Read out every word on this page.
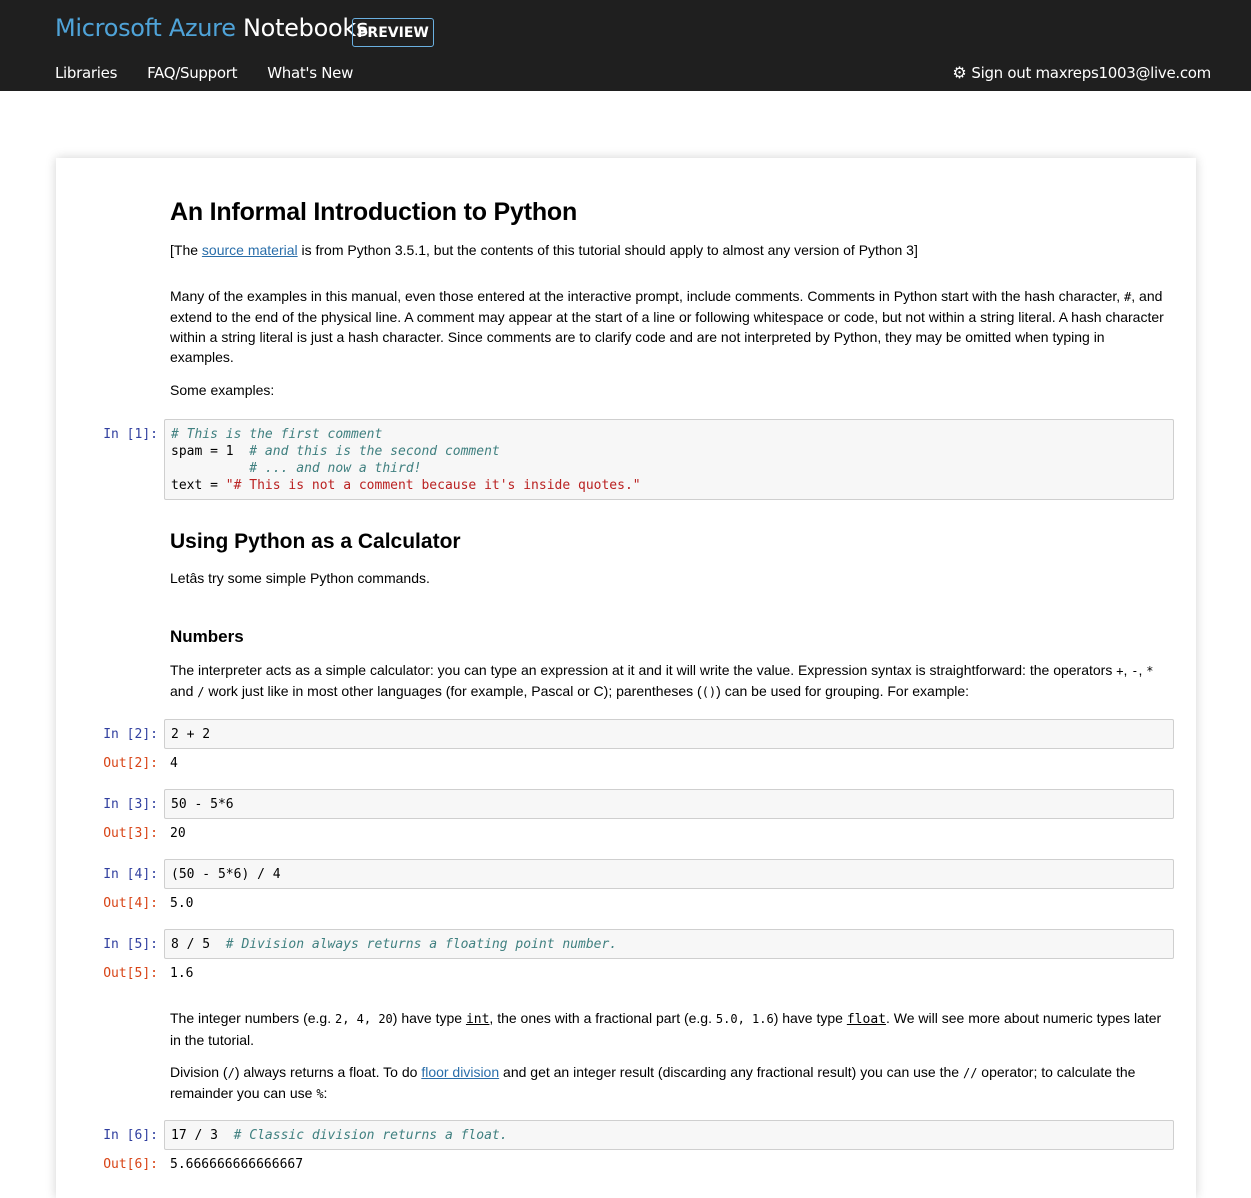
Microsoft Azure Notebooks
PREVIEW
Libraries FAQ/Support What's New	⚙ Sign out maxreps1003@live.com
An Informal Introduction to Python

[The source material is from Python 3.5.1, but the contents of this tutorial should apply to almost any version of Python 3]

Many of the examples in this manual, even those entered at the interactive prompt, include comments. Comments in Python start with the hash character, #, and extend to the end of the physical line. A comment may appear at the start of a line or following whitespace or code, but not within a string literal. A hash character within a string literal is just a hash character. Since comments are to clarify code and are not interpreted by Python, they may be omitted when typing in examples.

Some examples:

In [1]:	# This is the first comment
spam = 1  # and this is the second comment
# ... and now a third!
text = "# This is not a comment because it's inside quotes."
Using Python as a Calculator

Letâs try some simple Python commands.

Numbers

The interpreter acts as a simple calculator: you can type an expression at it and it will write the value. Expression syntax is straightforward: the operators +, -, * and / work just like in most other languages (for example, Pascal or C); parentheses (()) can be used for grouping. For example:

In [2]:	2 + 2
Out[2]: 4
In [3]:	50 - 5*6
Out[3]: 20
In [4]:	(50 - 5*6) / 4
Out[4]: 5.0
In [5]:	8 / 5  # Division always returns a floating point number.
Out[5]: 1.6

The integer numbers (e.g. 2, 4, 20) have type int, the ones with a fractional part (e.g. 5.0, 1.6) have type float. We will see more about numeric types later in the tutorial.

Division (/) always returns a float. To do floor division and get an integer result (discarding any fractional result) you can use the // operator; to calculate the remainder you can use %:

In [6]:	17 / 3  # Classic division returns a float.
Out[6]: 5.666666666666667
